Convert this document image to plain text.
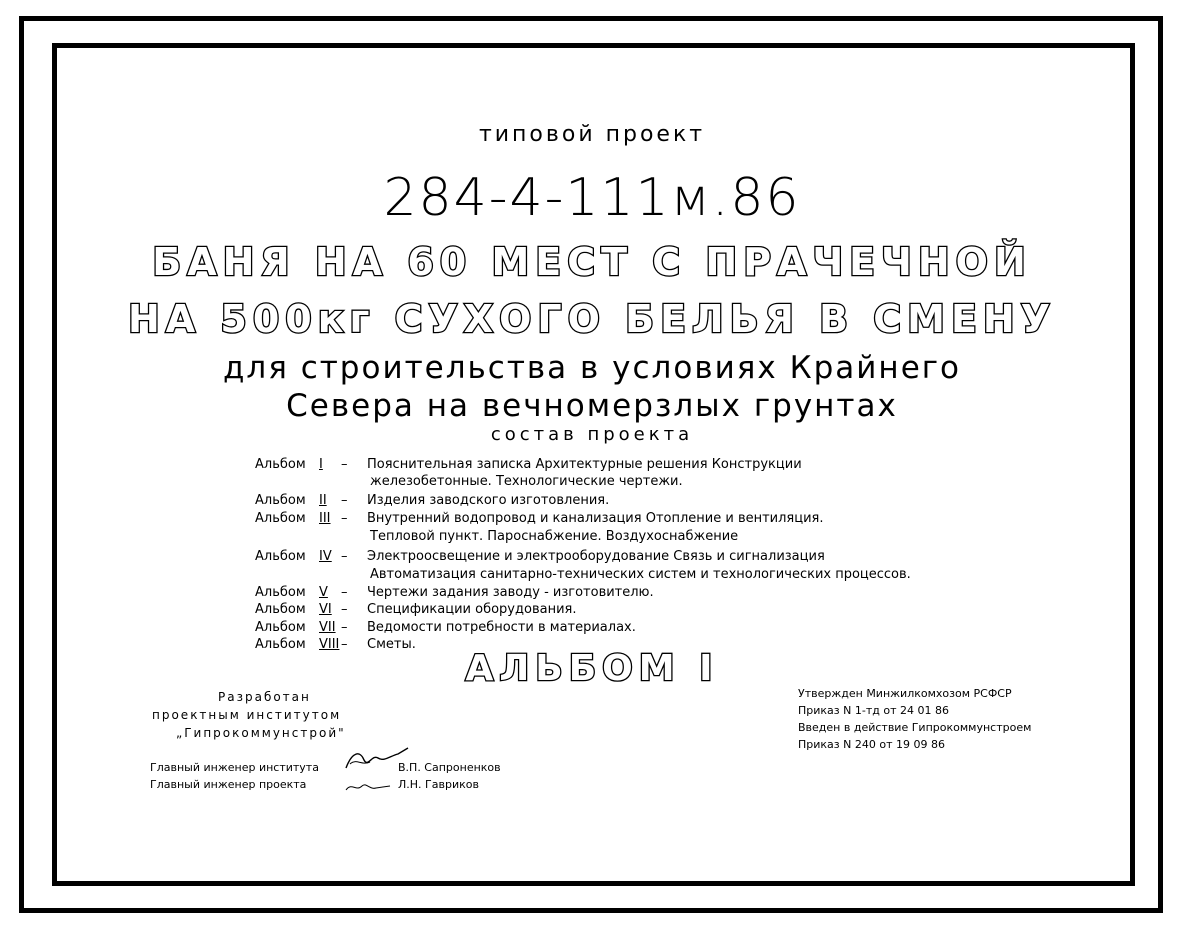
типовой проект
284-4-111м.86
БАНЯ НА 60 МЕСТ С ПРАЧЕЧНОЙ
НА 500кг СУХОГО БЕЛЬЯ В СМЕНУ
для строительства в условиях Крайнего
Севера на вечномерзлых грунтах
состав проекта
Альбом I – Пояснительная записка Архитектурные решения Конструкции
железобетонные. Технологические чертежи.
Альбом II – Изделия заводского изготовления.
Альбом III – Внутренний водопровод и канализация Отопление и вентиляция.
Тепловой пункт. Пароснабжение. Воздухоснабжение
Альбом IV – Электроосвещение и электрооборудование Связь и сигнализация
Автоматизация санитарно-технических систем и технологических процессов.
Альбом V – Чертежи задания заводу - изготовителю.
Альбом VI – Спецификации оборудования.
Альбом VII – Ведомости потребности в материалах.
Альбом VIII – Сметы.
АЛЬБОМ I
Разработан
проектным институтом
„Гипрокоммунстрой"
Главный инженер института	В.П. Сапроненков
Главный инженер проекта	Л.Н. Гавриков
Утвержден Минжилкомхозом РСФСР
Приказ N 1-тд от 24 01 86
Введен в действие Гипрокоммунстроем
Приказ N 240 от 19 09 86
